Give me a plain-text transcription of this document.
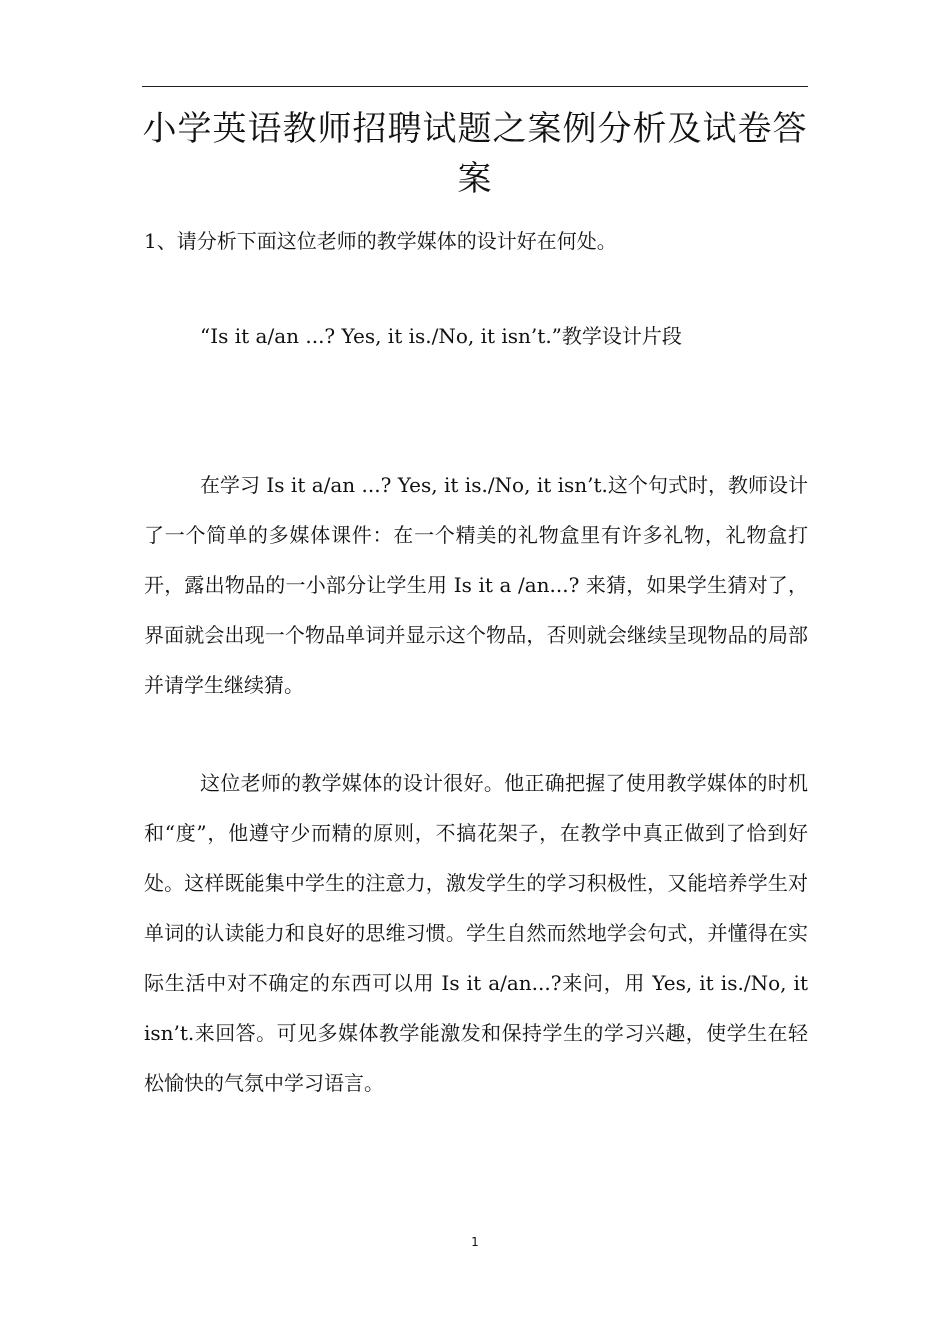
小学英语教师招聘试题之案例分析及试卷答案

1、请分析下面这位老师的教学媒体的设计好在何处。

“Is it a/an ...? Yes, it is./No, it isn’t.”教学设计片段

在学习 Is it a/an ...? Yes, it is./No, it isn’t.这个句式时，教师设计了一个简单的多媒体课件：在一个精美的礼物盒里有许多礼物，礼物盒打开，露出物品的一小部分让学生用 Is it a /an...? 来猜，如果学生猜对了，界面就会出现一个物品单词并显示这个物品，否则就会继续呈现物品的局部并请学生继续猜。

这位老师的教学媒体的设计很好。他正确把握了使用教学媒体的时机和“度”，他遵守少而精的原则，不搞花架子，在教学中真正做到了恰到好处。这样既能集中学生的注意力，激发学生的学习积极性，又能培养学生对单词的认读能力和良好的思维习惯。学生自然而然地学会句式，并懂得在实际生活中对不确定的东西可以用 Is it a/an...?来问，用 Yes, it is./No, it isn’t.来回答。可见多媒体教学能激发和保持学生的学习兴趣，使学生在轻松愉快的气氛中学习语言。

1
